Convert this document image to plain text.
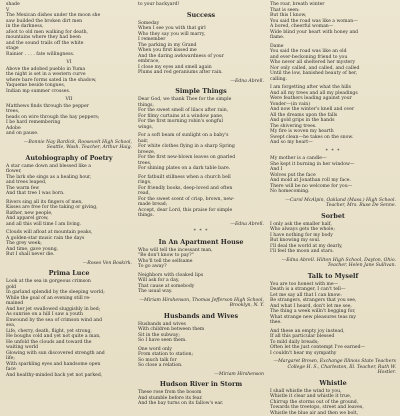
shade
V
The Mexican dishes under the moon she
saw builded the broken dirt men
in the darkness,
afoot to old men walking for death,
mountains where they had been
and the sound trails off the white
stage
Rainier . . . . fate willingness.
VI
Above the adobed pueblo in Yuma
the night is set in a western curve
where bare forms sated in the shadow,
Yaqueme beside tongues,
Indian mp summer crosses.
VII
Matthews finds through the pepper
trees,
heads on wire through the hay peppers;
I be hard remembering
Adobe
and on pause.
—Bonnie Nay Bardick, Roosevelt High School, Seattle, Wash. Teacher, Arthur Haig.
Autobiography of Poetry
A star came down and blessed like a
flower,
The lark she sings as a healing hour,
and trees leaped,
The warm few
And that tree I was born.
Rivers sing all its fingers of men,
Kisses are free for the taking or giving,
Rather, new people,
And apparel grow,
and all this will time I am living.
Clouds will afloat at mountain peaks,
A golden-star music rain the days
The grey week;
And time, gave young,
But I shall never die.
—Roseo Ven Boskirk.
Prima Luce
Look at the sea in gorgeous crimson
gold
In garland splendid by the sleeping world;
While the goal of an evening still re-
mained
And her jet swallowed sluggishly in bed;
As sunrise on a hill I saw a youth
Enwound by the sea of crimson wind and
sea,
Life, cherry, death, flight, yet strong,
He boughs cold and yet not quite a man,
He unfold the clouds and toward the
waiting world
Glowing with sun discovered strength and
life;
With sparkling eyes and handsome open
face
And healthy-minded back yet not parked,
to your backyard!
Success
Someday
When I see you with that girl
Who they say you will marry,
I remember
The parking in my Grand
When you first kissed me
And the daring awkwardness of your
embrace,
I close my eyes and smell again
Plums and red geraniums after rain.
—Edna Abrell.
Simple Things
Dear God, we thank Thee for the simple
things,
For the sweet smell of lilacs after rain,
For filmy curtains at a window pane,
For the first morning robin's songful
wings,
For a soft beam of sunlight on a baby's
hair,
For white clothes flying in a sharp Spring
breeze,
For the first new-blown leaves on gnarled
trees,
For shining plates on a dark table bare.
For fatbuilt stillness when a church bell
rings,
For friendly books, deep-loved and often
read,
For the sweet scent of crisp, brown, new-
made bread;
Accept, dear Lord, this praise for simple
things.
—Edna Abrell.
* * *
In An Apartment House
Who will tell the incessant man,
"Be don't know to pay?"
Who'll tell the selfsame
To go away?
Neighbors with cloaked lips
Will ask for a day,
That cause at somebody
The usual way.
—Miriam Hirshenson, Thomas Jefferson High School, Brooklyn, N. Y.
Husbands and Wives
Husbands and wives
With children between them
Sit in the subway;
So I have seen them.
One word only
From station to station;
So much talk for
So close a relation.
—Miriam Hirshenson
Hudson River in Storm
These rose from the bosom
And stumble before its fear.
And the bay turns on its fallow's ear.
The roar, breath winter
That is seen:
But this I know,
You said the road was like a woman—
A bored, cheerful woman—
Wide blind your heart with honey and
flame.
Dame
You said the road was like an old
and ever-beckoning friend to you
Who never all sheltered her mystery
Nor only called, and called, and called
Until the low, banished beauty of her,
calling.
I am forgetting after what the hills
And all my trees and all my pleadings
Were feathers leading against your
Yonder—(in vain)
And now the winter's knell and over
All the dreams upon the falls
And gold grips in the hands
The shivering trees.
My fire is woven my hearth
Swept clean—he takes on the snow.
And so my heart—
* * *
My mother is a candle—
She kept it burning in her window—
And I
Wolves put the face
And mold at Jonathan roll my face.
There will be no welcome for you—
No homecoming.
—Carol McAlpin, Oakland (Mass.) High School. Teacher, Mrs. Ruse De Senne.
Sorbet
I only ask the smaller half,
Who always gets the whole;
I have nothing for my body
But knowing my soul.
I'll deal the world at my dearly,
I'll feel the moon and stars.
—Edna Abrell. Hilton High School, Dayton, Ohio. Teacher, Helen Jane Sullivan.
Talk to Myself
You are too honest with me—
Death is a stranger, I can't tell—
Let me say all that I can know:
Be strangers, strangers that you see,
And what I heard, don't let me see,
The thing a week willn't begging for,
What strange new pleasures teas my
thee.
And these an empty joy instead,
If all this particular blessed
To mild daily breads;
Often let the just contempt I've earned—
I couldn't hear my sympathy
—Margaret Brown, Exchange Illinois State Teachers College H. S., Charleston, Ill. Teacher, Ruth W. Hostler.
Whistle
I shall whistle the wind to you,
Whistle it clear and whistle it true,
Chirrup the storms out of the ground,
Towards the treetops, street and leaves,
Whistle the blue air and then we bolt,
